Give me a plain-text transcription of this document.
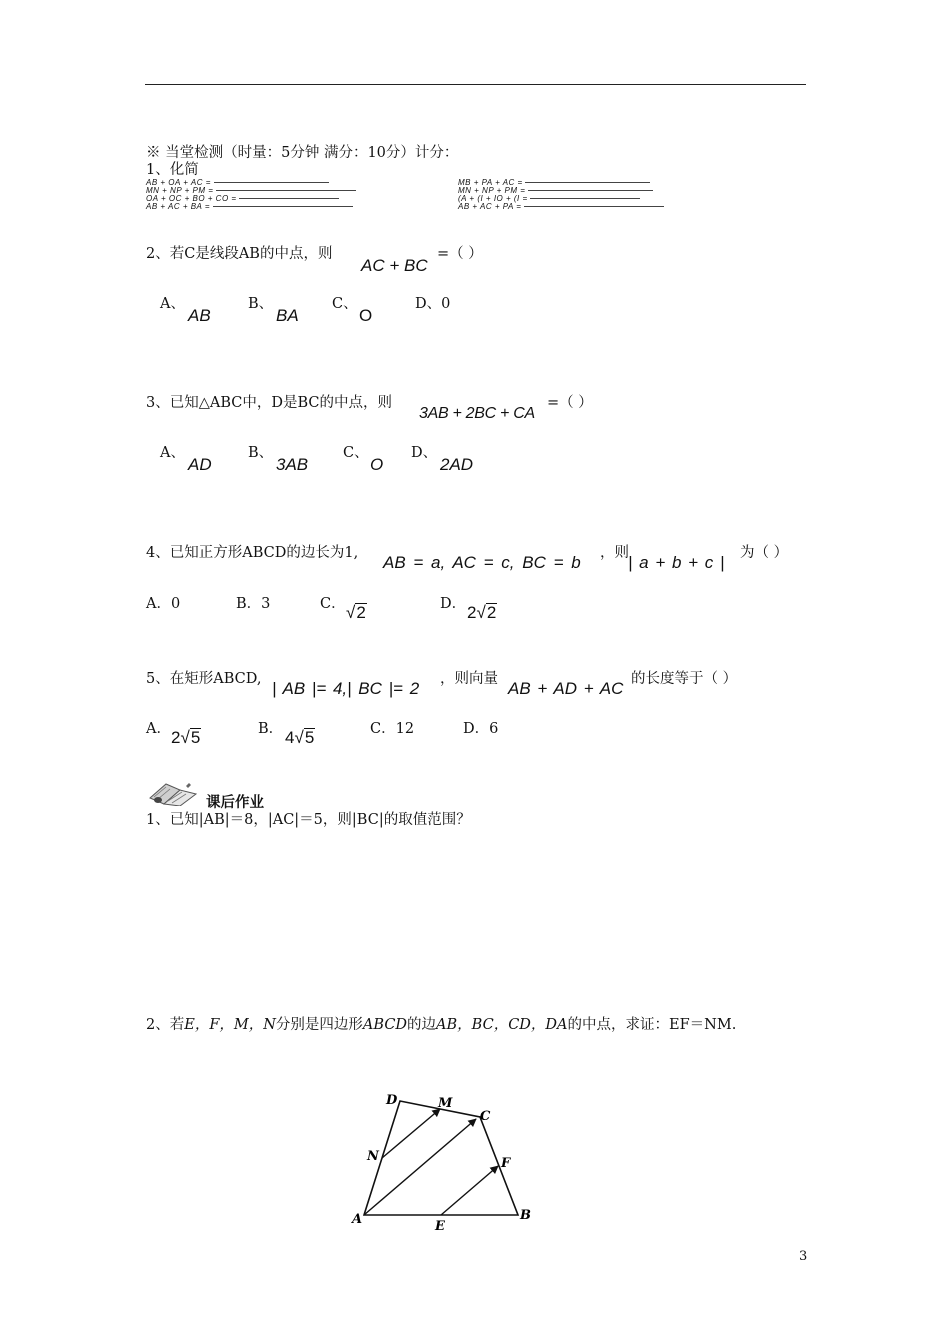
※ 当堂检测（时量：5分钟 满分：10分）计分：
1、化简
AB + OA + AC =
MN + NP + PM =
OA + OC + BO + CO =
AB + AC + BA =
MB + PA + AC =
MN + NP + PM =
(A + (I + IO + (I =
AB + AC + PA =
2、若C是线段AB的中点，则
AC + BC
=（ ）
A、
AB
B、
BA
C、
O
D、0
3、已知△ABC中，D是BC的中点，则
3AB + 2BC + CA
=（ ）
A、
AD
B、
3AB
C、
O
D、
2AD
4、已知正方形ABCD的边长为1, AB = a, AC = c, BC = b ，则 | a + b + c | 为（ ）
A．0	B．3	C． √2	D． 2√2
5、在矩形ABCD, | AB |= 4,| BC |= 2 ，则向量 AB + AD + AC 的长度等于（ ）
A． 2√5	B． 4√5	C．12	D．6
课后作业
1、已知|AB|＝8，|AC|＝5，则|BC|的取值范围？
2、若E，F，M，N分别是四边形ABCD的边AB，BC，CD，DA的中点，求证：EF＝NM.
A	B
C
D
E
F
M
N
3
